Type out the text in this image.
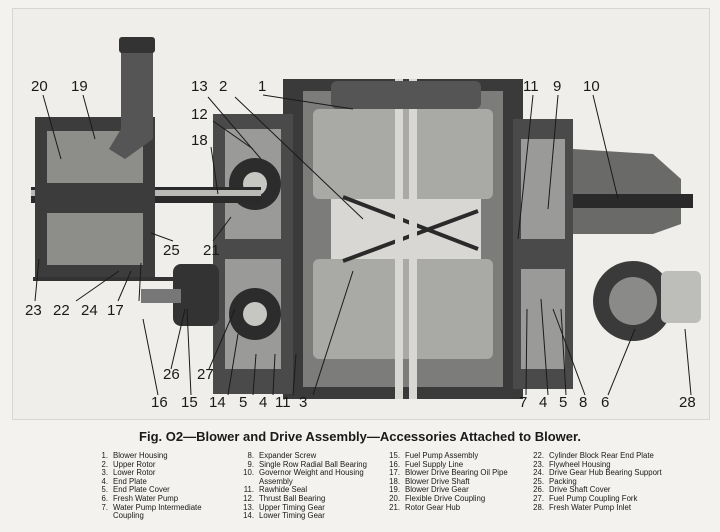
20 19	13 2 1
12
18
11 9 10
25 21
23 22 24 17
26 27
16 15 14 5 4 11 3	7 4 5 8 6	28
Fig. O2—Blower and Drive Assembly—Accessories Attached to Blower.
1. Blower Housing
2. Upper Rotor
3. Lower Rotor
4. End Plate
5. End Plate Cover
6. Fresh Water Pump
7. Water Pump Intermediate Coupling
8. Expander Screw
9. Single Row Radial Ball Bearing
10. Governor Weight and Housing Assembly
11. Rawhide Seal
12. Thrust Ball Bearing
13. Upper Timing Gear
14. Lower Timing Gear
15. Fuel Pump Assembly
16. Fuel Supply Line
17. Blower Drive Bearing Oil Pipe
18. Blower Drive Shaft
19. Blower Drive Gear
20. Flexible Drive Coupling
21. Rotor Gear Hub
22. Cylinder Block Rear End Plate
23. Flywheel Housing
24. Drive Gear Hub Bearing Support
25. Packing
26. Drive Shaft Cover
27. Fuel Pump Coupling Fork
28. Fresh Water Pump Inlet
